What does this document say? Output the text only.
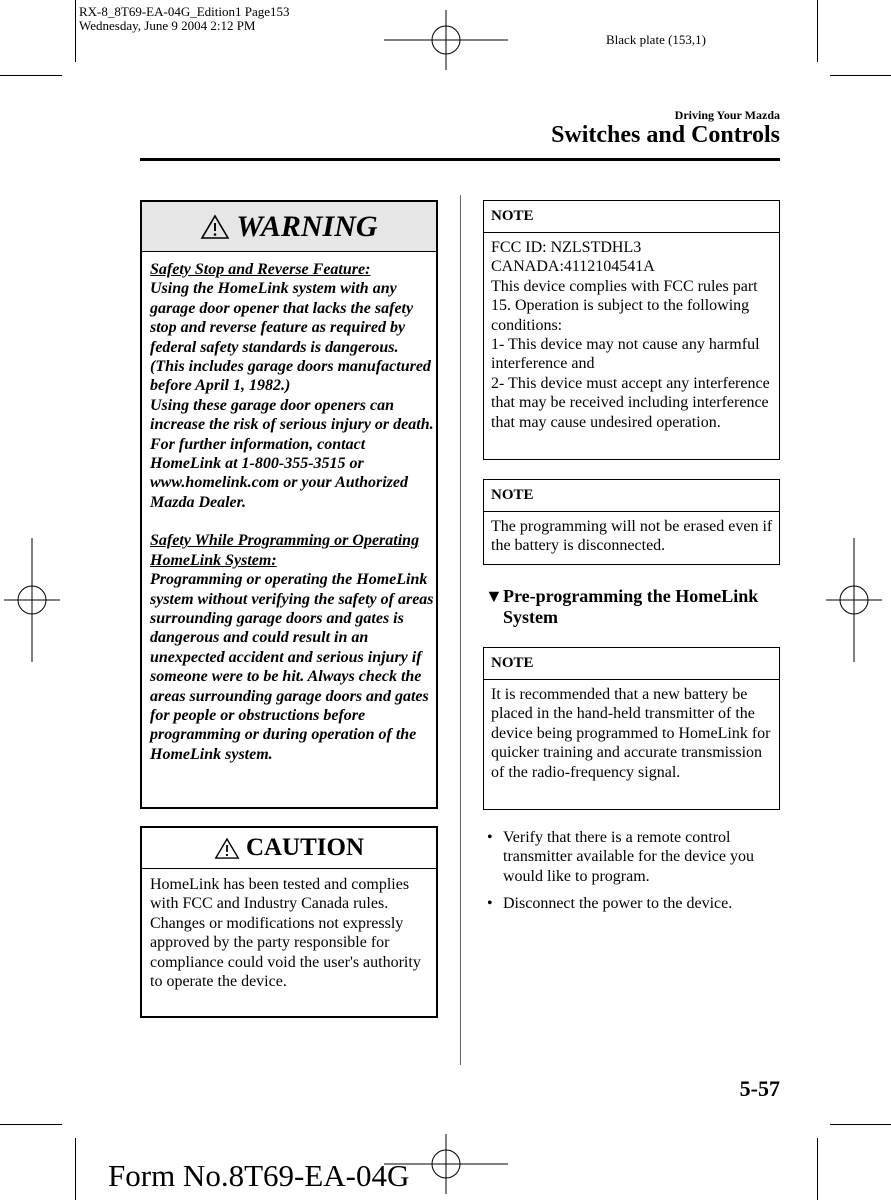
RX-8_8T69-EA-04G_Edition1 Page153
Wednesday, June 9 2004 2:12 PM
Black plate (153,1)
Driving Your Mazda
Switches and Controls
WARNING

Safety Stop and Reverse Feature:

Using the HomeLink system with any garage door opener that lacks the safety stop and reverse feature as required by federal safety standards is dangerous. (This includes garage doors manufactured before April 1, 1982.)

Using these garage door openers can increase the risk of serious injury or death. For further information, contact HomeLink at 1-800-355-3515 or www.homelink.com or your Authorized Mazda Dealer.

Safety While Programming or Operating HomeLink System:

Programming or operating the HomeLink system without verifying the safety of areas surrounding garage doors and gates is dangerous and could result in an unexpected accident and serious injury if someone were to be hit. Always check the areas surrounding garage doors and gates for people or obstructions before programming or during operation of the HomeLink system.

CAUTION
HomeLink has been tested and complies with FCC and Industry Canada rules. Changes or modifications not expressly approved by the party responsible for compliance could void the user's authority to operate the device.
NOTE
FCC ID: NZLSTDHL3
CANADA:4112104541A
This device complies with FCC rules part 15. Operation is subject to the following conditions:
1- This device may not cause any harmful interference and
2- This device must accept any interference that may be received including interference that may cause undesired operation.
NOTE
The programming will not be erased even if the battery is disconnected.
▼ Pre-programming the HomeLink System
NOTE
It is recommended that a new battery be placed in the hand-held transmitter of the device being programmed to HomeLink for quicker training and accurate transmission of the radio-frequency signal.
• Verify that there is a remote control transmitter available for the device you would like to program.
• Disconnect the power to the device.
5-57
Form No.8T69-EA-04G
